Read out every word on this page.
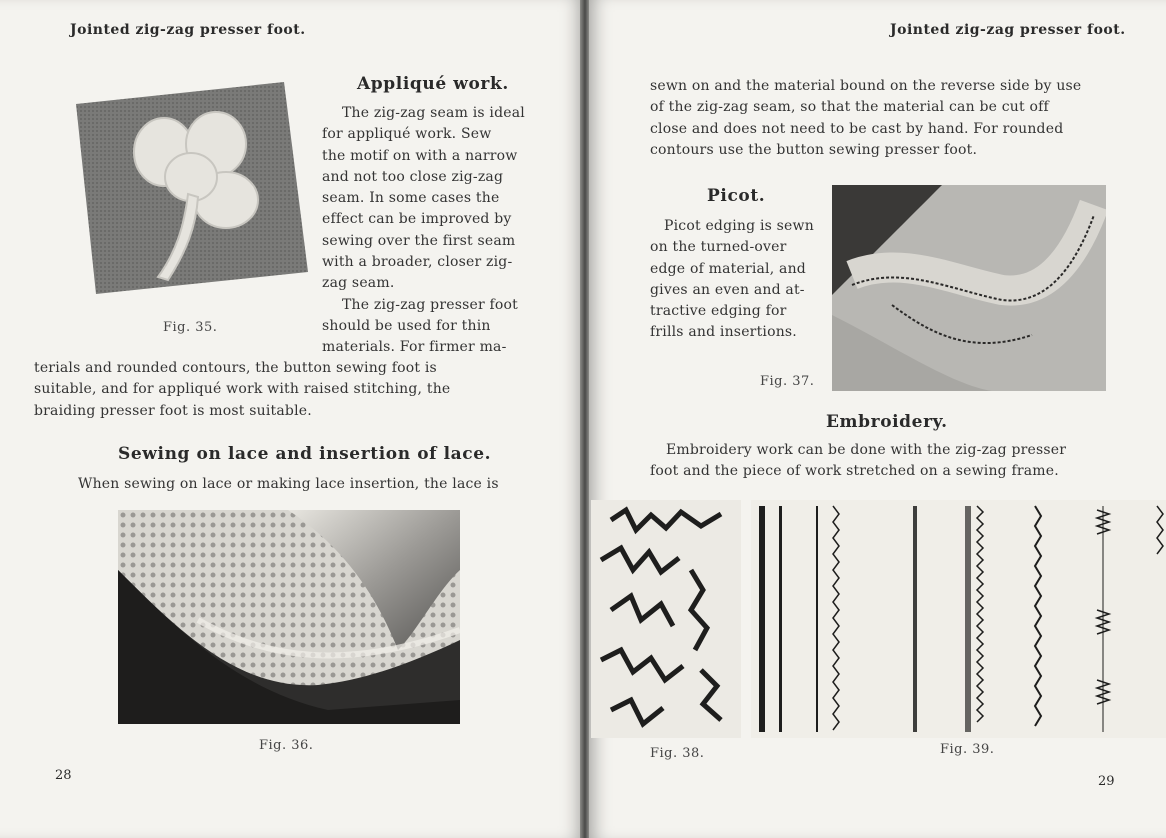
Jointed zig-zag presser foot.
Appliqué work.
The zig-zag seam is ideal
for appliqué work. Sew
the motif on with a narrow
and not too close zig-zag
seam. In some cases the
effect can be improved by
sewing over the first seam
with a broader, closer zig-
zag seam.
The zig-zag presser foot
should be used for thin
materials. For firmer ma-
Fig. 35.
terials and rounded contours, the button sewing foot is
suitable, and for appliqué work with raised stitching, the
braiding presser foot is most suitable.
Sewing on lace and insertion of lace.
When sewing on lace or making lace insertion, the lace is
Fig. 36.
28
Jointed zig-zag presser foot.
sewn on and the material bound on the reverse side by use
of the zig-zag seam, so that the material can be cut off
close and does not need to be cast by hand. For rounded
contours use the button sewing presser foot.
Picot.
Picot edging is sewn
on the turned-over
edge of material, and
gives an even and at-
tractive edging for
frills and insertions.
Fig. 37.
Embroidery.
Embroidery work can be done with the zig-zag presser
foot and the piece of work stretched on a sewing frame.
Fig. 38.	Fig. 39.
29
